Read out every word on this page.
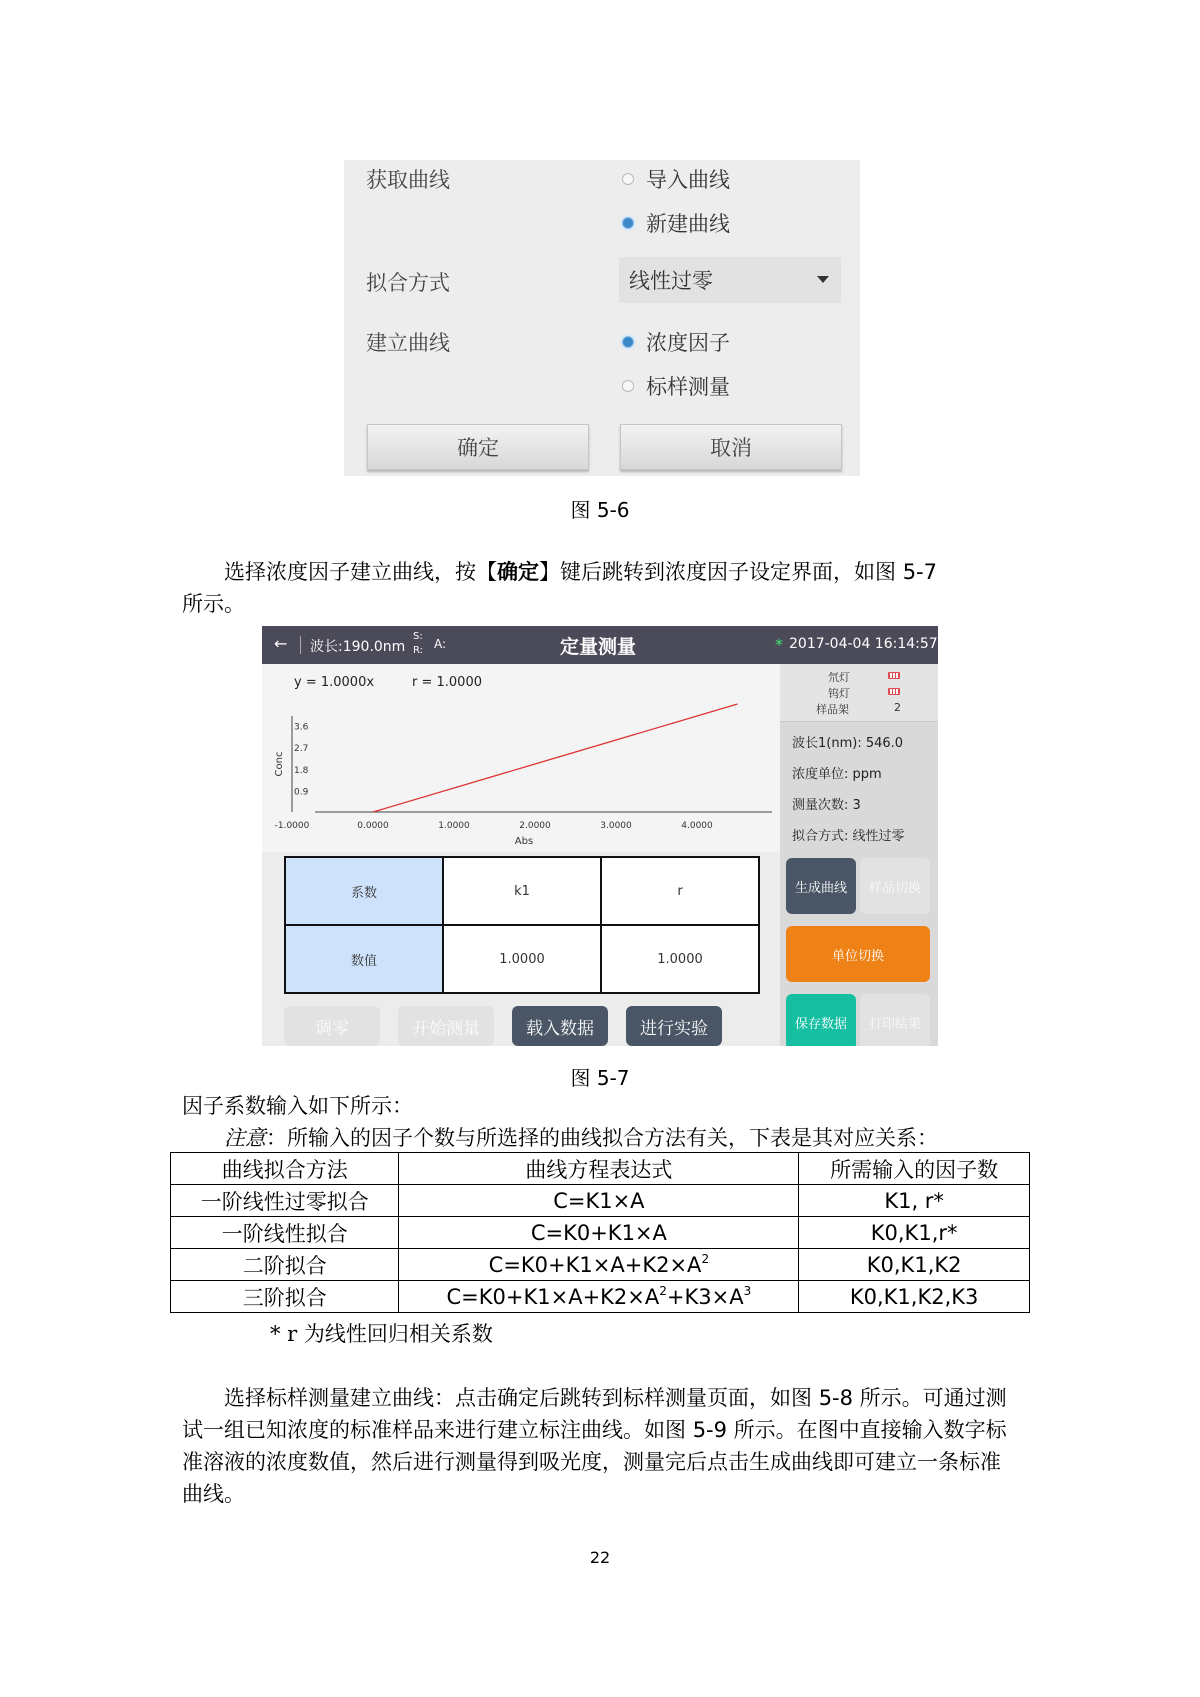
获取曲线	导入曲线
新建曲线
拟合方式	线性过零
建立曲线	浓度因子
标样测量
确定	取消
图 5-6
选择浓度因子建立曲线，按【确定】键后跳转到浓度因子设定界面，如图 5-7
所示。
← 波长:190.0nm
S:
R: A:	定量测量	∗ 2017-04-04 16:14:57
y = 1.0000x	r = 1.0000
Conc
Abs
-1.0000	0.0000	1.0000	2.0000	3.0000	4.0000
3.6
2.7
1.8
0.9
系数	k1	r
数值	1.0000	1.0000
调零	开始测量	载入数据	进行实验
氘灯
钨灯
样品架	2
波长1(nm): 546.0
浓度单位: ppm
测量次数: 3
拟合方式: 线性过零
生成曲线	样品切换
单位切换
保存数据	打印结果
图 5-7
因子系数输入如下所示：
注意：所输入的因子个数与所选择的曲线拟合方法有关，下表是其对应关系：
曲线拟合方法	曲线方程表达式	所需输入的因子数
一阶线性过零拟合	C=K1×A	K1, r*
一阶线性拟合	C=K0+K1×A	K0,K1,r*
二阶拟合	$C=K0+K1\times A+K2\times A^2$	K0,K1,K2
三阶拟合	$C=K0+K1\times A+K2\times A^2+K3\times A^3$	K0,K1,K2,K3
* r 为线性回归相关系数
选择标样测量建立曲线：点击确定后跳转到标样测量页面，如图 5-8 所示。可通过测试一组已知浓度的标准样品来进行建立标注曲线。如图 5-9 所示。在图中直接输入数字标准溶液的浓度数值，然后进行测量得到吸光度，测量完后点击生成曲线即可建立一条标准曲线。
22
